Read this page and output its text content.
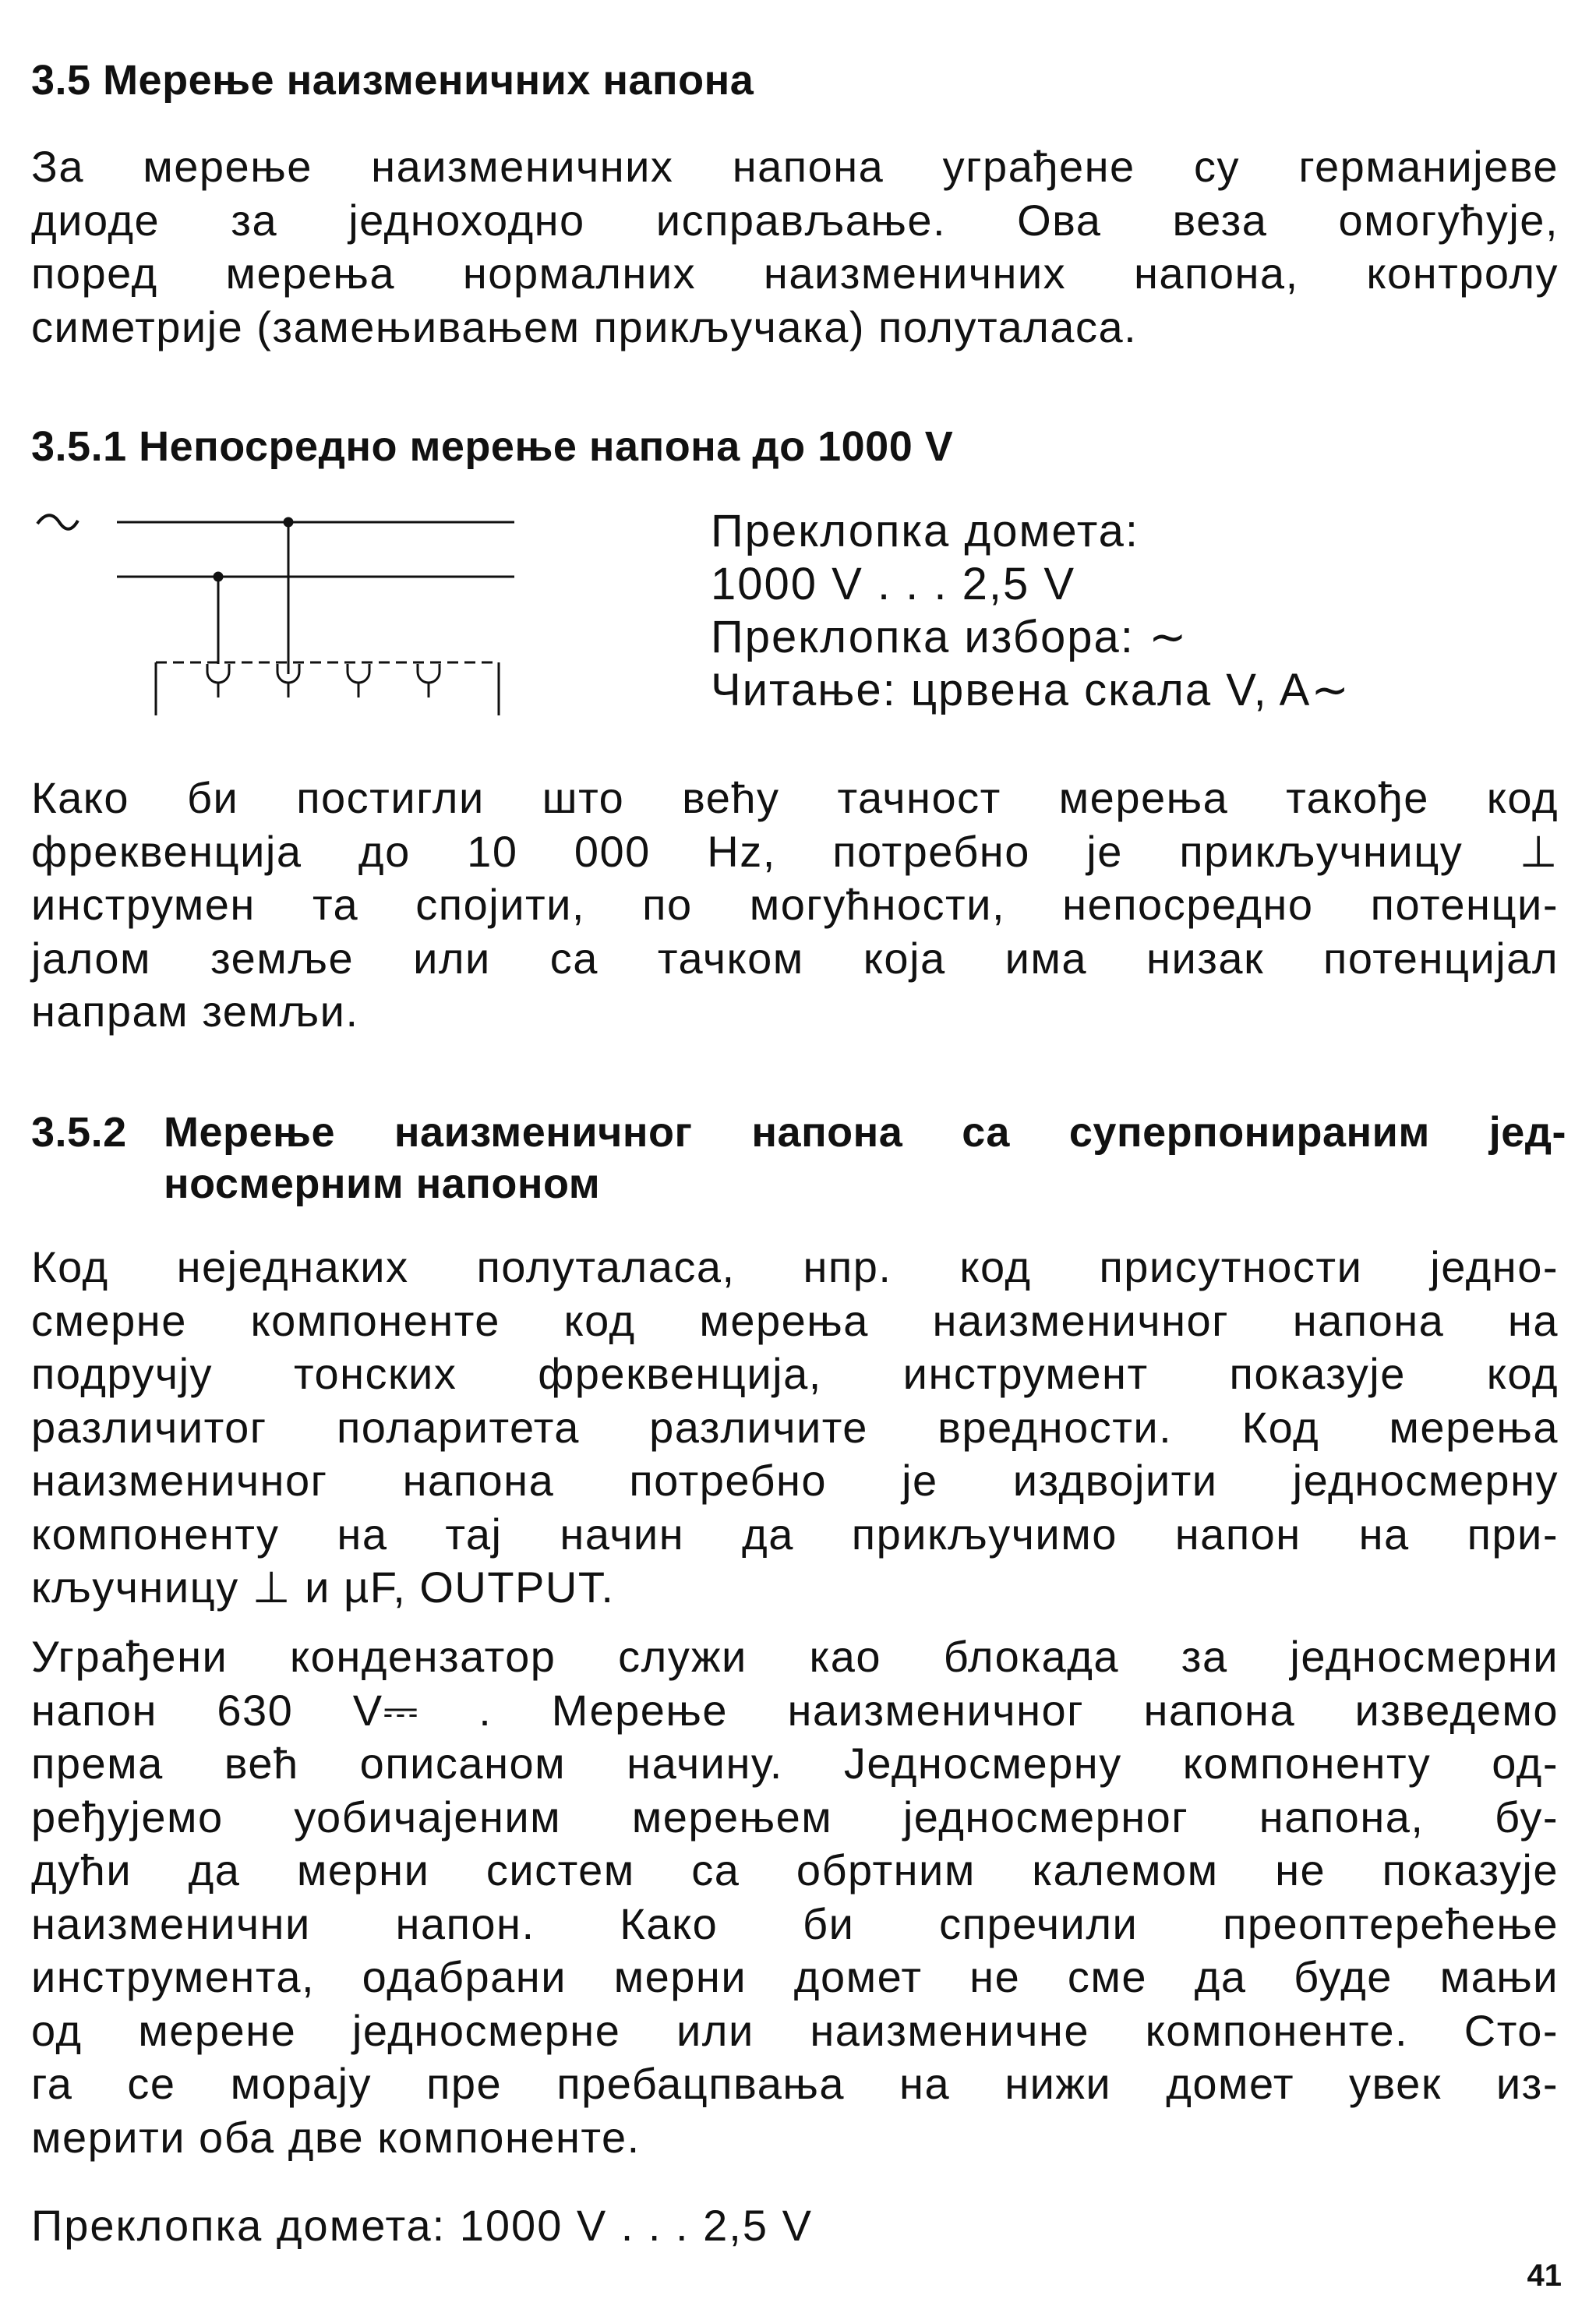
3.5 Мерење наизменичних напона
За мерење наизменичних напона уграђене су германијеве
диоде за једноходно исправљање. Ова веза омогућује,
поред мерења нормалних наизменичних напона, контролу
симетрије (замењивањем прикључака) полуталаса.
3.5.1 Непосредно мерење напона до 1000 V
Преклопка домета:
1000 V . . . 2,5 V
Преклопка избора: ∼
Читање: црвена скала V, A∼
Како би постигли што већу тачност мерења такође код
фреквенција до 10 000 Hz, потребно је прикључницу ⊥
инструмен та спојити, по могућности, непосредно потенци-
јалом земље или са тачком која има низак потенцијал
напрам земљи.
3.5.2 Мерење наизменичног напона са суперпонираним јед-
носмерним напоном
Код неједнаких полуталаса, нпр. код присутности једно-
смерне компоненте код мерења наизменичног напона на
подручју тонских фреквенција, инструмент показује код
различитог поларитета различите вредности. Код мерења
наизменичног напона потребно је издвојити једносмерну
компоненту на тај начин да прикључимо напон на при-
кључницу ⊥ и µF, OUTPUT.
Уграђени кондензатор служи као блокада за једносмерни
напон 630 V⎓ . Мерење наизменичног напона изведемо
према већ описаном начину. Једносмерну компоненту од-
ређујемо уобичајеним мерењем једносмерног напона, бу-
дући да мерни систем са обртним калемом не показује
наизменични напон. Како би спречили преоптерећење
инструмента, одабрани мерни домет не сме да буде мањи
од мерене једносмерне или наизменичне компоненте. Сто-
га се морају пре пребацпвања на нижи домет увек из-
мерити оба две компоненте.
Преклопка домета: 1000 V . . . 2,5 V
41
